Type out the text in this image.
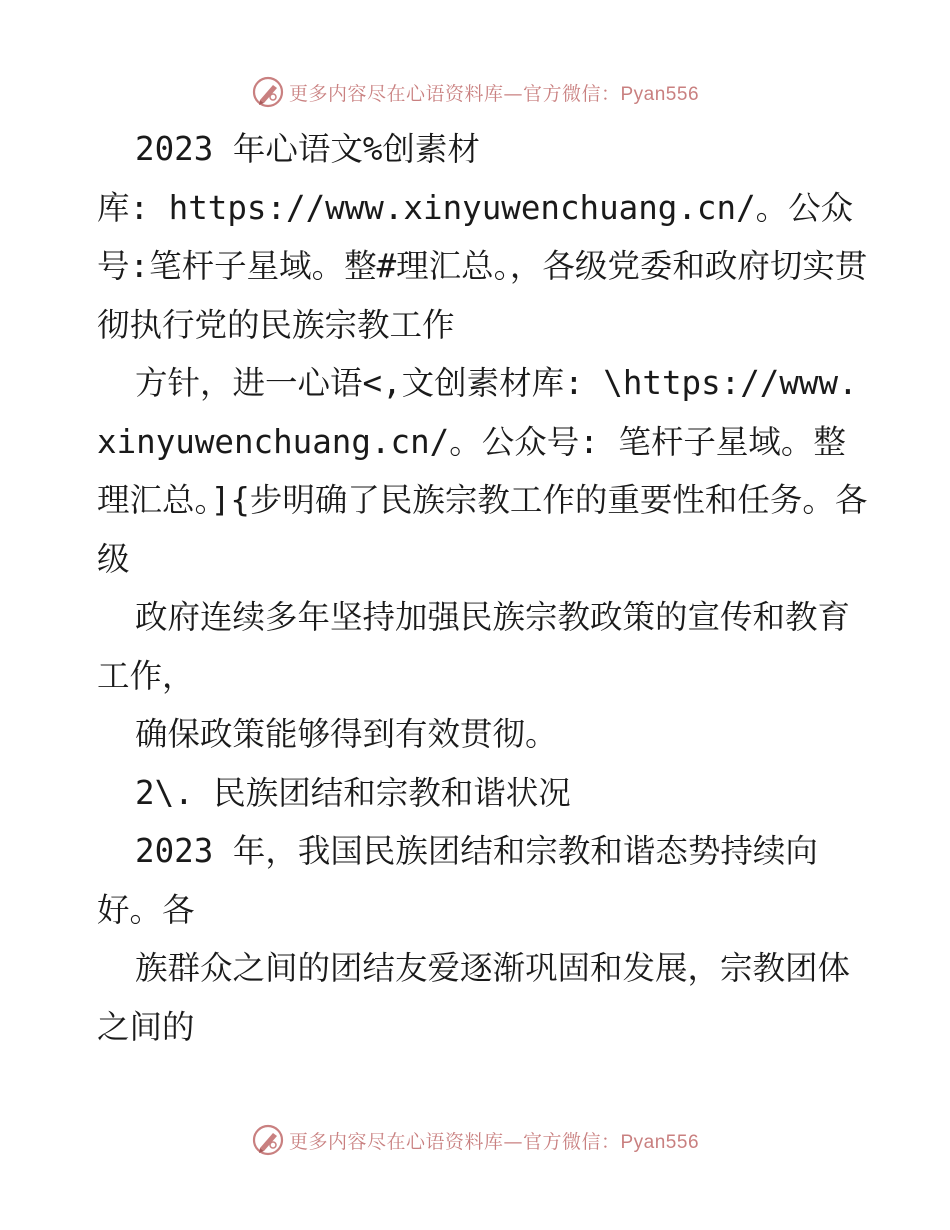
更多内容尽在心语资料库—官方微信：Pyan556

2023 年心语文%创素材

库: https://www.xinyuwenchuang.cn/。公众号:笔杆子星域。整#理汇总。，各级党委和政府切实贯彻执行党的民族宗教工作

方针，进一心语<,文创素材库: \https://www.xinyuwenchuang.cn/。公众号: 笔杆子星域。整理汇总。]{步明确了民族宗教工作的重要性和任务。各级

政府连续多年坚持加强民族宗教政策的宣传和教育工作，

确保政策能够得到有效贯彻。

2\. 民族团结和宗教和谐状况

2023 年，我国民族团结和宗教和谐态势持续向好。各

族群众之间的团结友爱逐渐巩固和发展，宗教团体之间的

更多内容尽在心语资料库—官方微信：Pyan556
